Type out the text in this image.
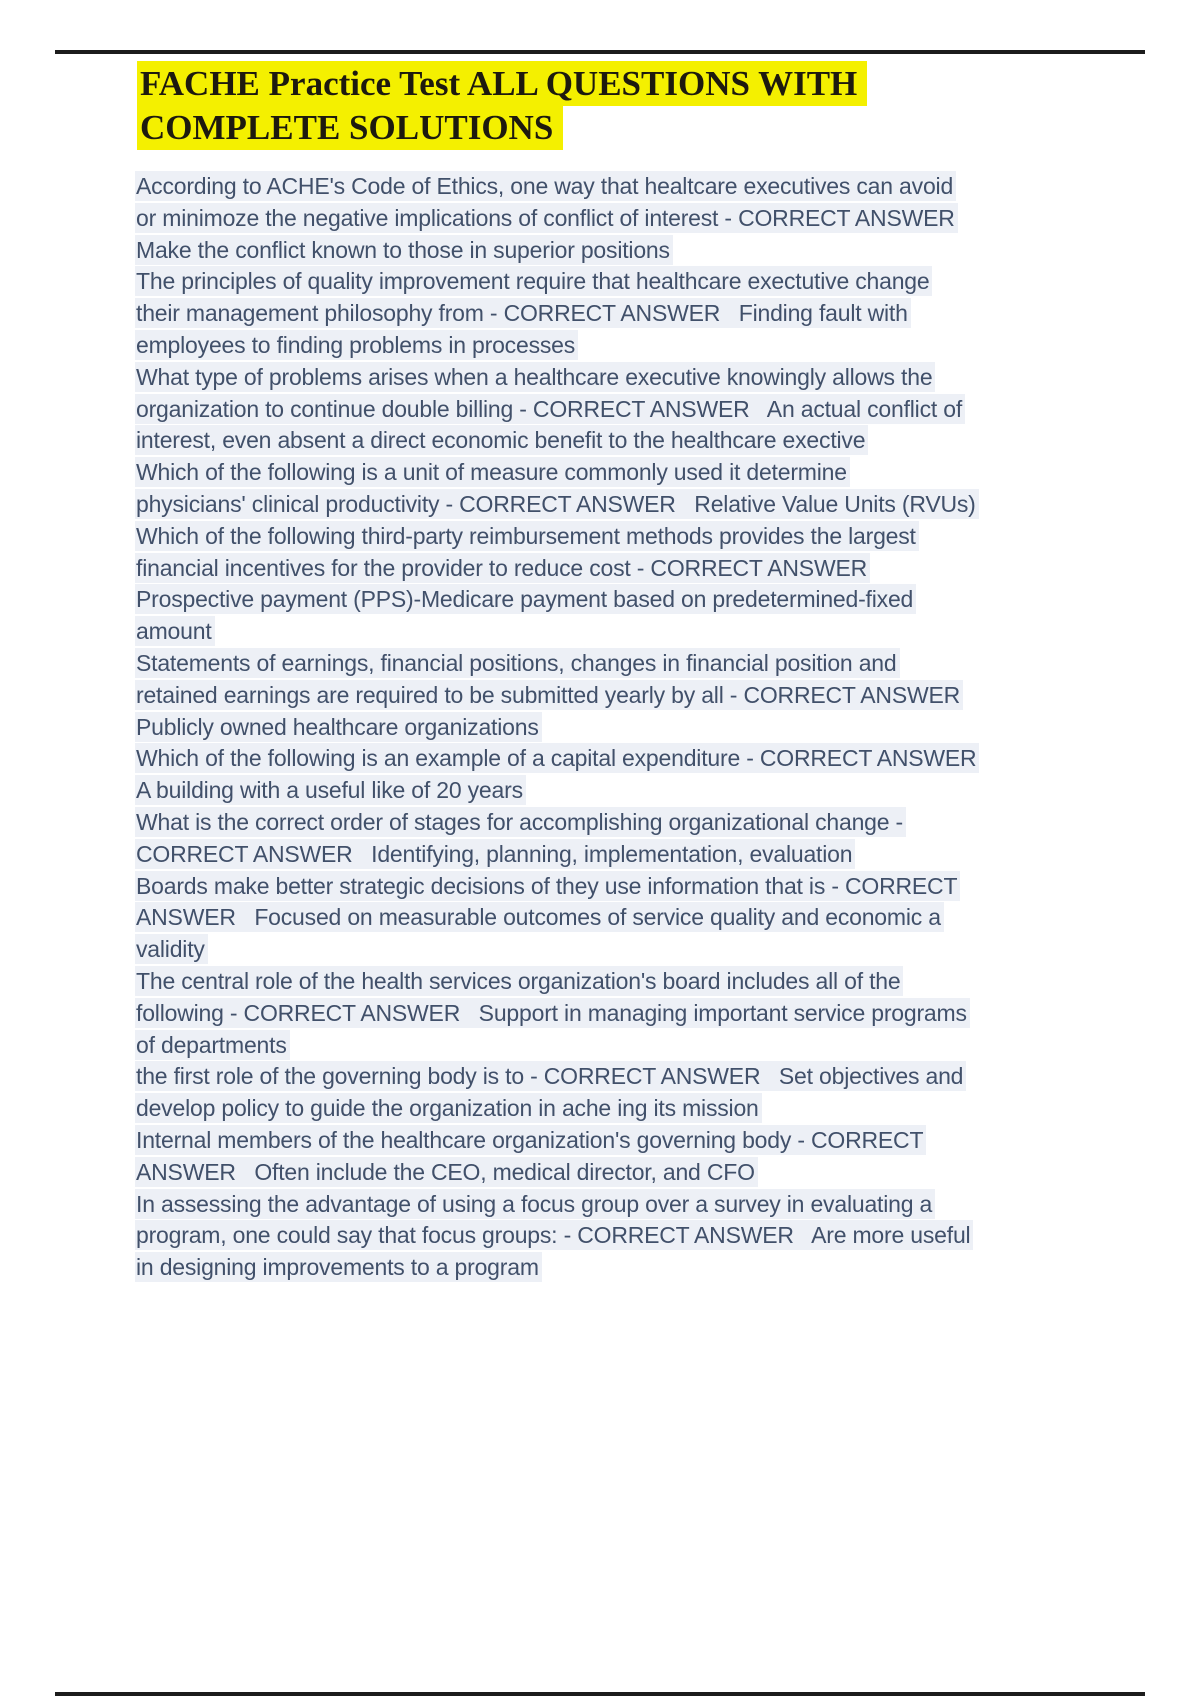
FACHE Practice Test ALL QUESTIONS WITH
COMPLETE SOLUTIONS
According to ACHE's Code of Ethics, one way that healtcare executives can avoid
or minimoze the negative implications of conflict of interest - CORRECT ANSWER
Make the conflict known to those in superior positions
The principles of quality improvement require that healthcare exectutive change
their management philosophy from - CORRECT ANSWER   Finding fault with
employees to finding problems in processes
What type of problems arises when a healthcare executive knowingly allows the
organization to continue double billing - CORRECT ANSWER   An actual conflict of
interest, even absent a direct economic benefit to the healthcare exective
Which of the following is a unit of measure commonly used it determine
physicians' clinical productivity - CORRECT ANSWER   Relative Value Units (RVUs)
Which of the following third-party reimbursement methods provides the largest
financial incentives for the provider to reduce cost - CORRECT ANSWER
Prospective payment (PPS)-Medicare payment based on predetermined-fixed
amount
Statements of earnings, financial positions, changes in financial position and
retained earnings are required to be submitted yearly by all - CORRECT ANSWER
Publicly owned healthcare organizations
Which of the following is an example of a capital expenditure - CORRECT ANSWER
A building with a useful like of 20 years
What is the correct order of stages for accomplishing organizational change -
CORRECT ANSWER   Identifying, planning, implementation, evaluation
Boards make better strategic decisions of they use information that is - CORRECT
ANSWER   Focused on measurable outcomes of service quality and economic a
validity
The central role of the health services organization's board includes all of the
following - CORRECT ANSWER   Support in managing important service programs
of departments
the first role of the governing body is to - CORRECT ANSWER   Set objectives and
develop policy to guide the organization in ache ing its mission
Internal members of the healthcare organization's governing body - CORRECT
ANSWER   Often include the CEO, medical director, and CFO
In assessing the advantage of using a focus group over a survey in evaluating a
program, one could say that focus groups: - CORRECT ANSWER   Are more useful
in designing improvements to a program
